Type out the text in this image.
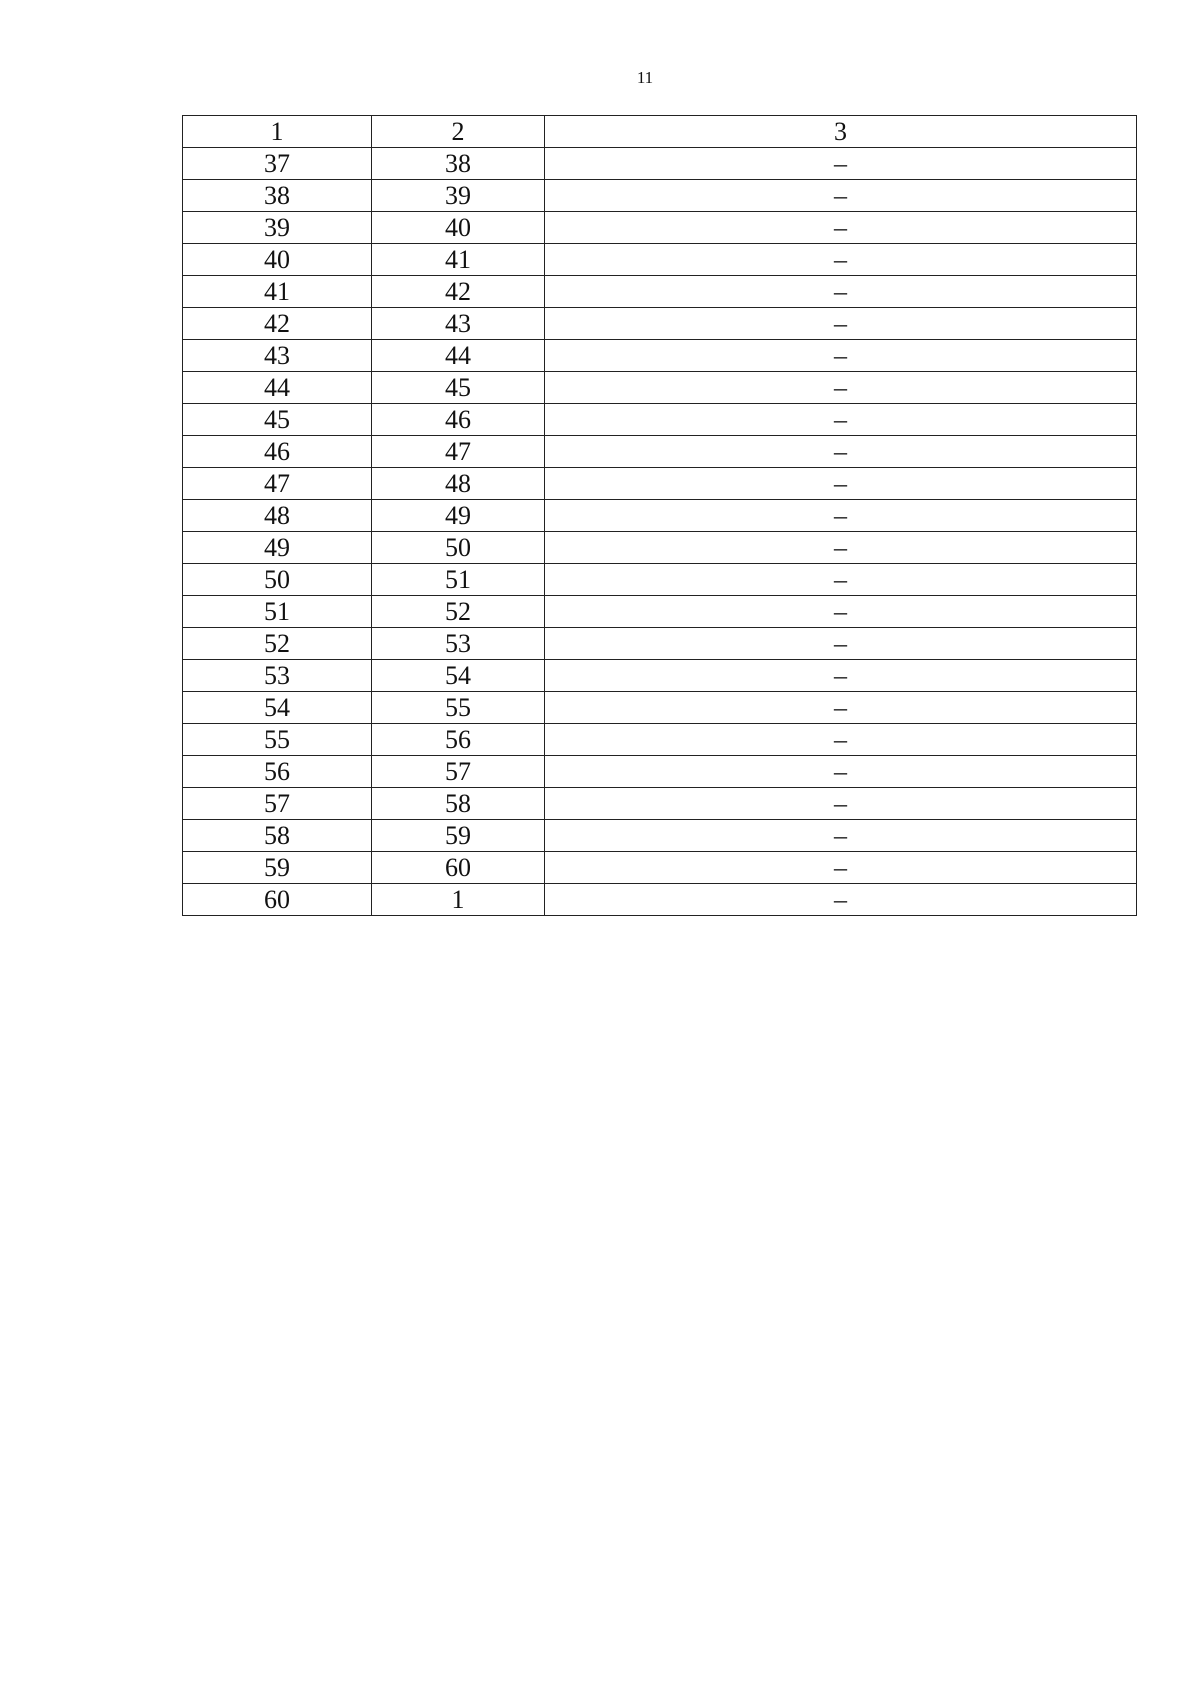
11
1	2	3
37	38	–
38	39	–
39	40	–
40	41	–
41	42	–
42	43	–
43	44	–
44	45	–
45	46	–
46	47	–
47	48	–
48	49	–
49	50	–
50	51	–
51	52	–
52	53	–
53	54	–
54	55	–
55	56	–
56	57	–
57	58	–
58	59	–
59	60	–
60	1	–
